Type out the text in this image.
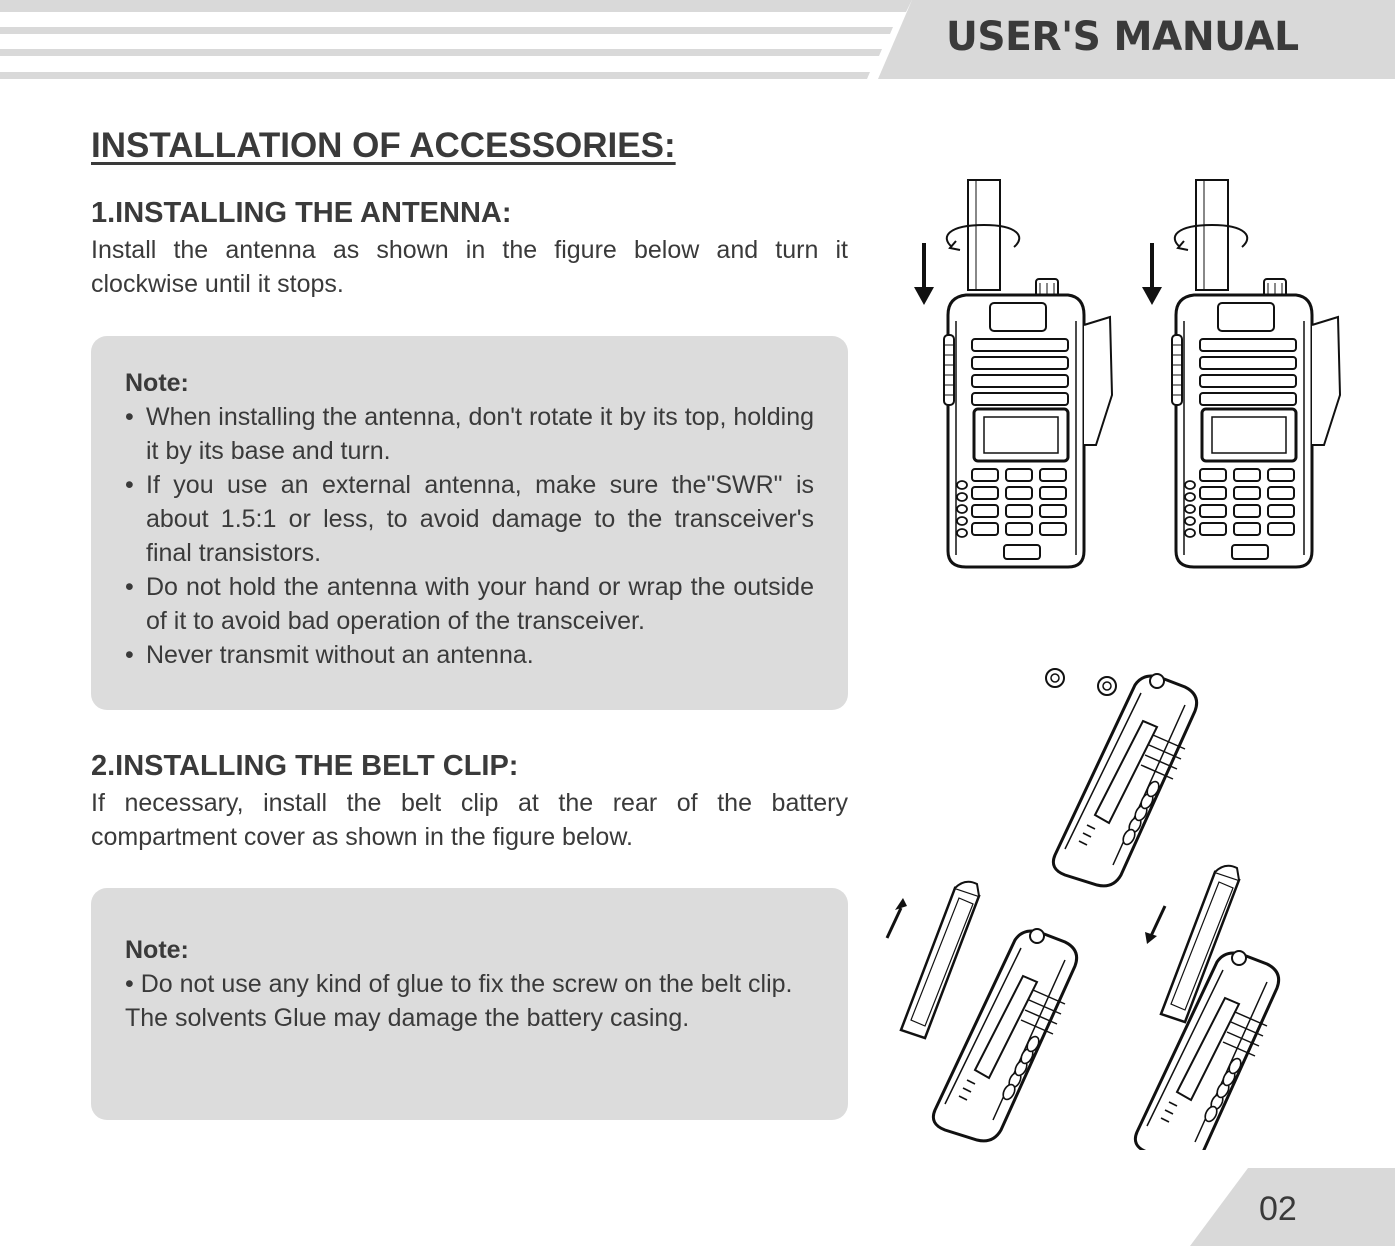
USER'S MANUAL
INSTALLATION OF ACCESSORIES:
1.INSTALLING THE ANTENNA:
Install the antenna as shown in the figure below and turn it clockwise until it stops.
Note:
• When installing the antenna, don't rotate it by its top, holding it by its base and turn.
• If you use an external antenna, make sure the"SWR" is about 1.5:1 or less, to avoid damage to the transceiver's final transistors.
• Do not hold the antenna with your hand or wrap the outside of it to avoid bad operation of the transceiver.
• Never transmit without an antenna.
2.INSTALLING THE BELT CLIP:
If necessary, install the belt clip at the rear of the battery compartment cover as shown in the figure below.
Note:
• Do not use any kind of glue to fix the screw on the belt clip.
The solvents Glue may damage the battery casing.
02
